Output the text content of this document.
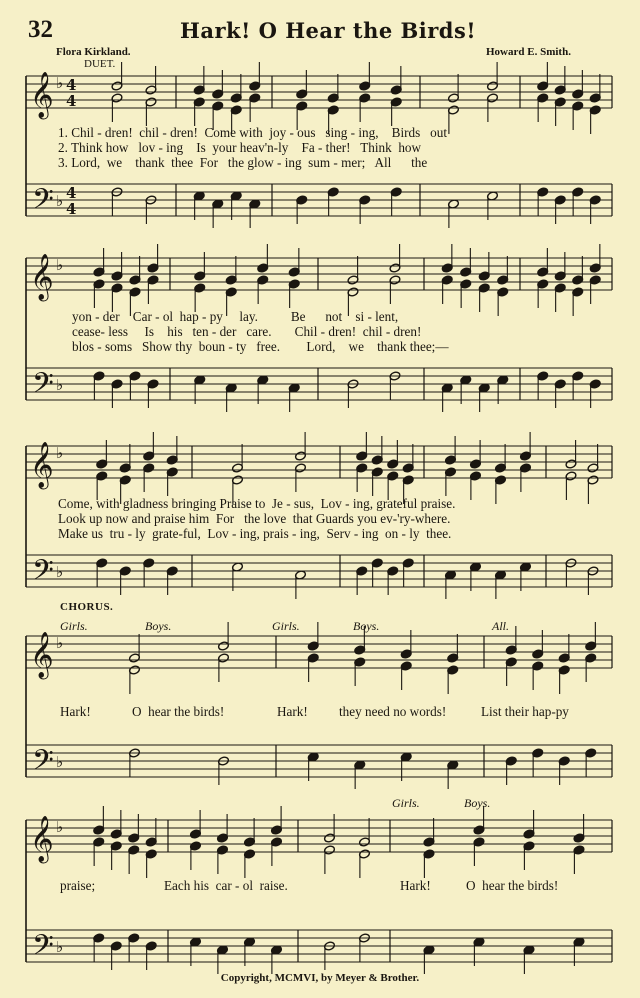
32	Hark! O Hear the Birds!
Flora Kirkland.	Howard E. Smith.
DUET.
𝄞
𝄢
♭
♭
4
4
4
4
𝄞
𝄢
♭
♭
𝄞
𝄢
♭
♭
𝄞
𝄢
♭
♭
𝄞
𝄢
♭
♭
1. Chil - dren!  chil - dren!  Come with  joy - ous   sing - ing,    Birds   out
2. Think how   lov - ing    Is  your heav'n-ly    Fa - ther!   Think  how
3. Lord,  we    thank  thee  For   the glow - ing  sum - mer;   All      the
yon - der    Car - ol  hap - py     lay.          Be      not    si - lent,
cease- less     Is    his   ten - der   care.       Chil - dren!  chil - dren!
blos - soms   Show thy  boun - ty   free.        Lord,    we    thank thee;—
Come, with gladness bringing Praise to  Je - sus,  Lov - ing, grateful praise.
Look up now and praise him  For   the love  that Guards you ev-'ry-where.
Make us  tru - ly  grate-ful,  Lov - ing, prais - ing,  Serv - ing  on - ly  thee.
CHORUS.
Girls.	Boys.	Girls.	Boys.	All.
Hark!	O  hear the birds!	Hark! they need no words!	List their hap-py
Girls.	Boys.
praise;	Each his  car - ol  raise.	Hark!	O  hear the birds!
Copyright, MCMVI, by Meyer & Brother.
